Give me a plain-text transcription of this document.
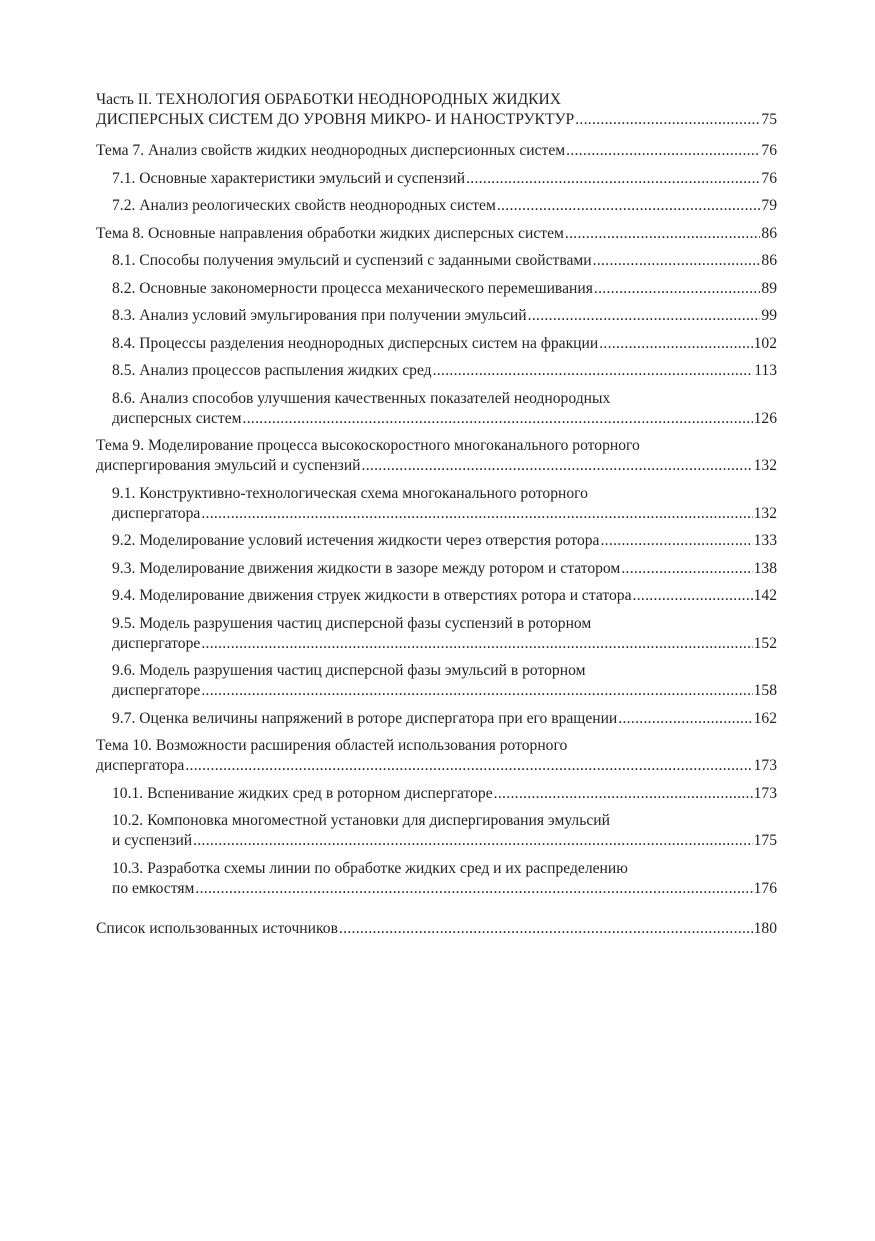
Часть II. ТЕХНОЛОГИЯ ОБРАБОТКИ НЕОДНОРОДНЫХ ЖИДКИХ
ДИСПЕРСНЫХ СИСТЕМ ДО УРОВНЯ МИКРО- И НАНОСТРУКТУР .....	75
Тема 7. Анализ свойств жидких неоднородных дисперсионных систем .....	76
7.1. Основные характеристики эмульсий и суспензий .....	76
7.2. Анализ реологических свойств неоднородных систем .....	79
Тема 8. Основные направления обработки жидких дисперсных систем .....	86
8.1. Способы получения эмульсий и суспензий с заданными свойствами .....	86
8.2. Основные закономерности процесса механического перемешивания .....	89
8.3. Анализ условий эмульгирования при получении эмульсий .....	99
8.4. Процессы разделения неоднородных дисперсных систем на фракции .....	102
8.5. Анализ процессов распыления жидких сред .....	113
8.6. Анализ способов улучшения качественных показателей неоднородных
дисперсных систем .....	126
Тема 9. Моделирование процесса высокоскоростного многоканального роторного
диспергирования эмульсий и суспензий .....	132
9.1. Конструктивно-технологическая схема многоканального роторного
диспергатора .....	132
9.2. Моделирование условий истечения жидкости через отверстия ротора .....	133
9.3. Моделирование движения жидкости в зазоре между ротором и статором .....	138
9.4. Моделирование движения струек жидкости в отверстиях ротора и статора .....	142
9.5. Модель разрушения частиц дисперсной фазы суспензий в роторном
диспергаторе .....	152
9.6. Модель разрушения частиц дисперсной фазы эмульсий в роторном
диспергаторе .....	158
9.7. Оценка величины напряжений в роторе диспергатора при его вращении .....	162
Тема 10. Возможности расширения областей использования роторного
диспергатора .....	173
10.1. Вспенивание жидких сред в роторном диспергаторе .....	173
10.2. Компоновка многоместной установки для диспергирования эмульсий
и суспензий .....	175
10.3. Разработка схемы линии по обработке жидких сред и их распределению
по емкостям .....	176
Список использованных источников .....	180
